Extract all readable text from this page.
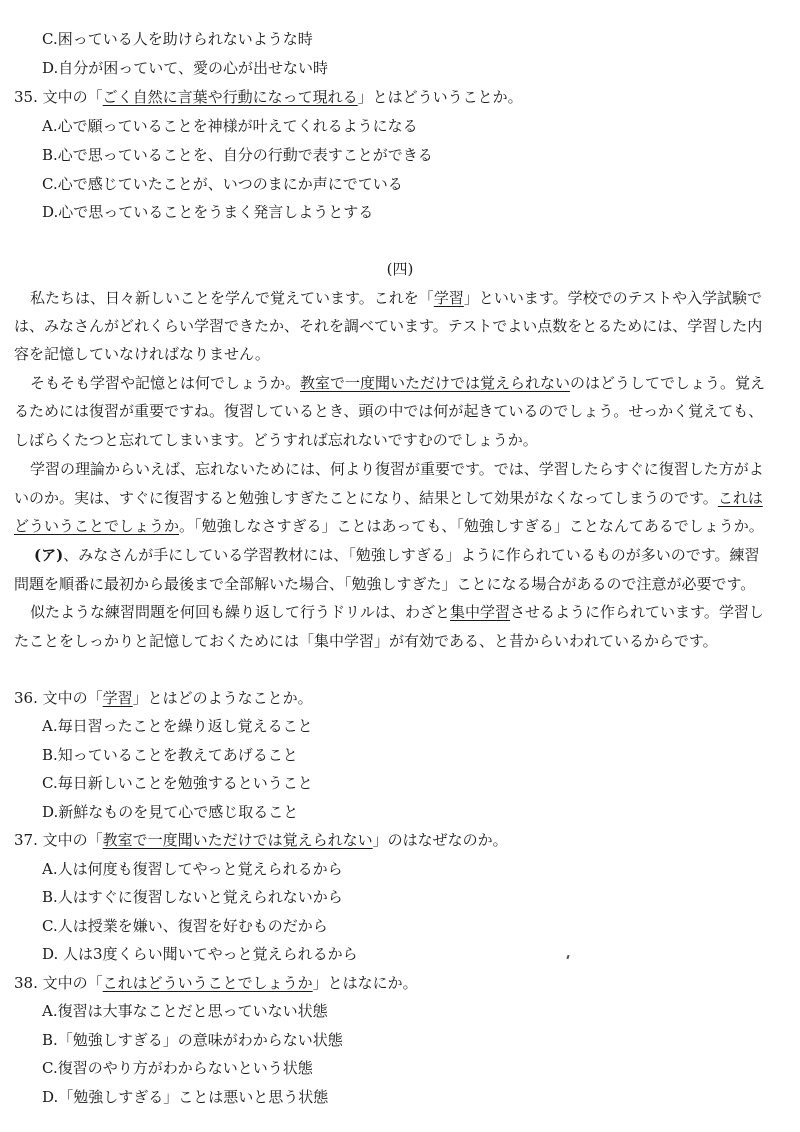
C.困っている人を助けられないような時
D.自分が困っていて、愛の心が出せない時
35. 文中の「ごく自然に言葉や行動になって現れる」とはどういうことか。
A.心で願っていることを神様が叶えてくれるようになる
B.心で思っていることを、自分の行動で表すことができる
C.心で感じていたことが、いつのまにか声にでている
D.心で思っていることをうまく発言しようとする
(四)
私たちは、日々新しいことを学んで覚えています。これを「学習」といいます。学校でのテストや入学試験で
は、みなさんがどれくらい学習できたか、それを調べています。テストでよい点数をとるためには、学習した内
容を記憶していなければなりません。
そもそも学習や記憶とは何でしょうか。教室で一度聞いただけでは覚えられないのはどうしてでしょう。覚え
るためには復習が重要ですね。復習しているとき、頭の中では何が起きているのでしょう。せっかく覚えても、
しばらくたつと忘れてしまいます。どうすれば忘れないですむのでしょうか。
学習の理論からいえば、忘れないためには、何より復習が重要です。では、学習したらすぐに復習した方がよ
いのか。実は、すぐに復習すると勉強しすぎたことになり、結果として効果がなくなってしまうのです。これは
どういうことでしょうか。「勉強しなさすぎる」ことはあっても、「勉強しすぎる」ことなんてあるでしょうか。
(ア)、みなさんが手にしている学習教材には、「勉強しすぎる」ように作られているものが多いのです。練習
問題を順番に最初から最後まで全部解いた場合、「勉強しすぎた」ことになる場合があるので注意が必要です。
似たような練習問題を何回も繰り返して行うドリルは、わざと集中学習させるように作られています。学習し
たことをしっかりと記憶しておくためには「集中学習」が有効である、と昔からいわれているからです。
36. 文中の「学習」とはどのようなことか。
A.毎日習ったことを繰り返し覚えること
B.知っていることを教えてあげること
C.毎日新しいことを勉強するということ
D.新鮮なものを見て心で感じ取ること
37. 文中の「教室で一度聞いただけでは覚えられない」のはなぜなのか。
A.人は何度も復習してやっと覚えられるから
B.人はすぐに復習しないと覚えられないから
C.人は授業を嫌い、復習を好むものだから
D. 人は3度くらい聞いてやっと覚えられるから
38. 文中の「これはどういうことでしょうか」とはなにか。
A.復習は大事なことだと思っていない状態
B.「勉強しすぎる」の意味がわからない状態
C.復習のやり方がわからないという状態
D.「勉強しすぎる」ことは悪いと思う状態
